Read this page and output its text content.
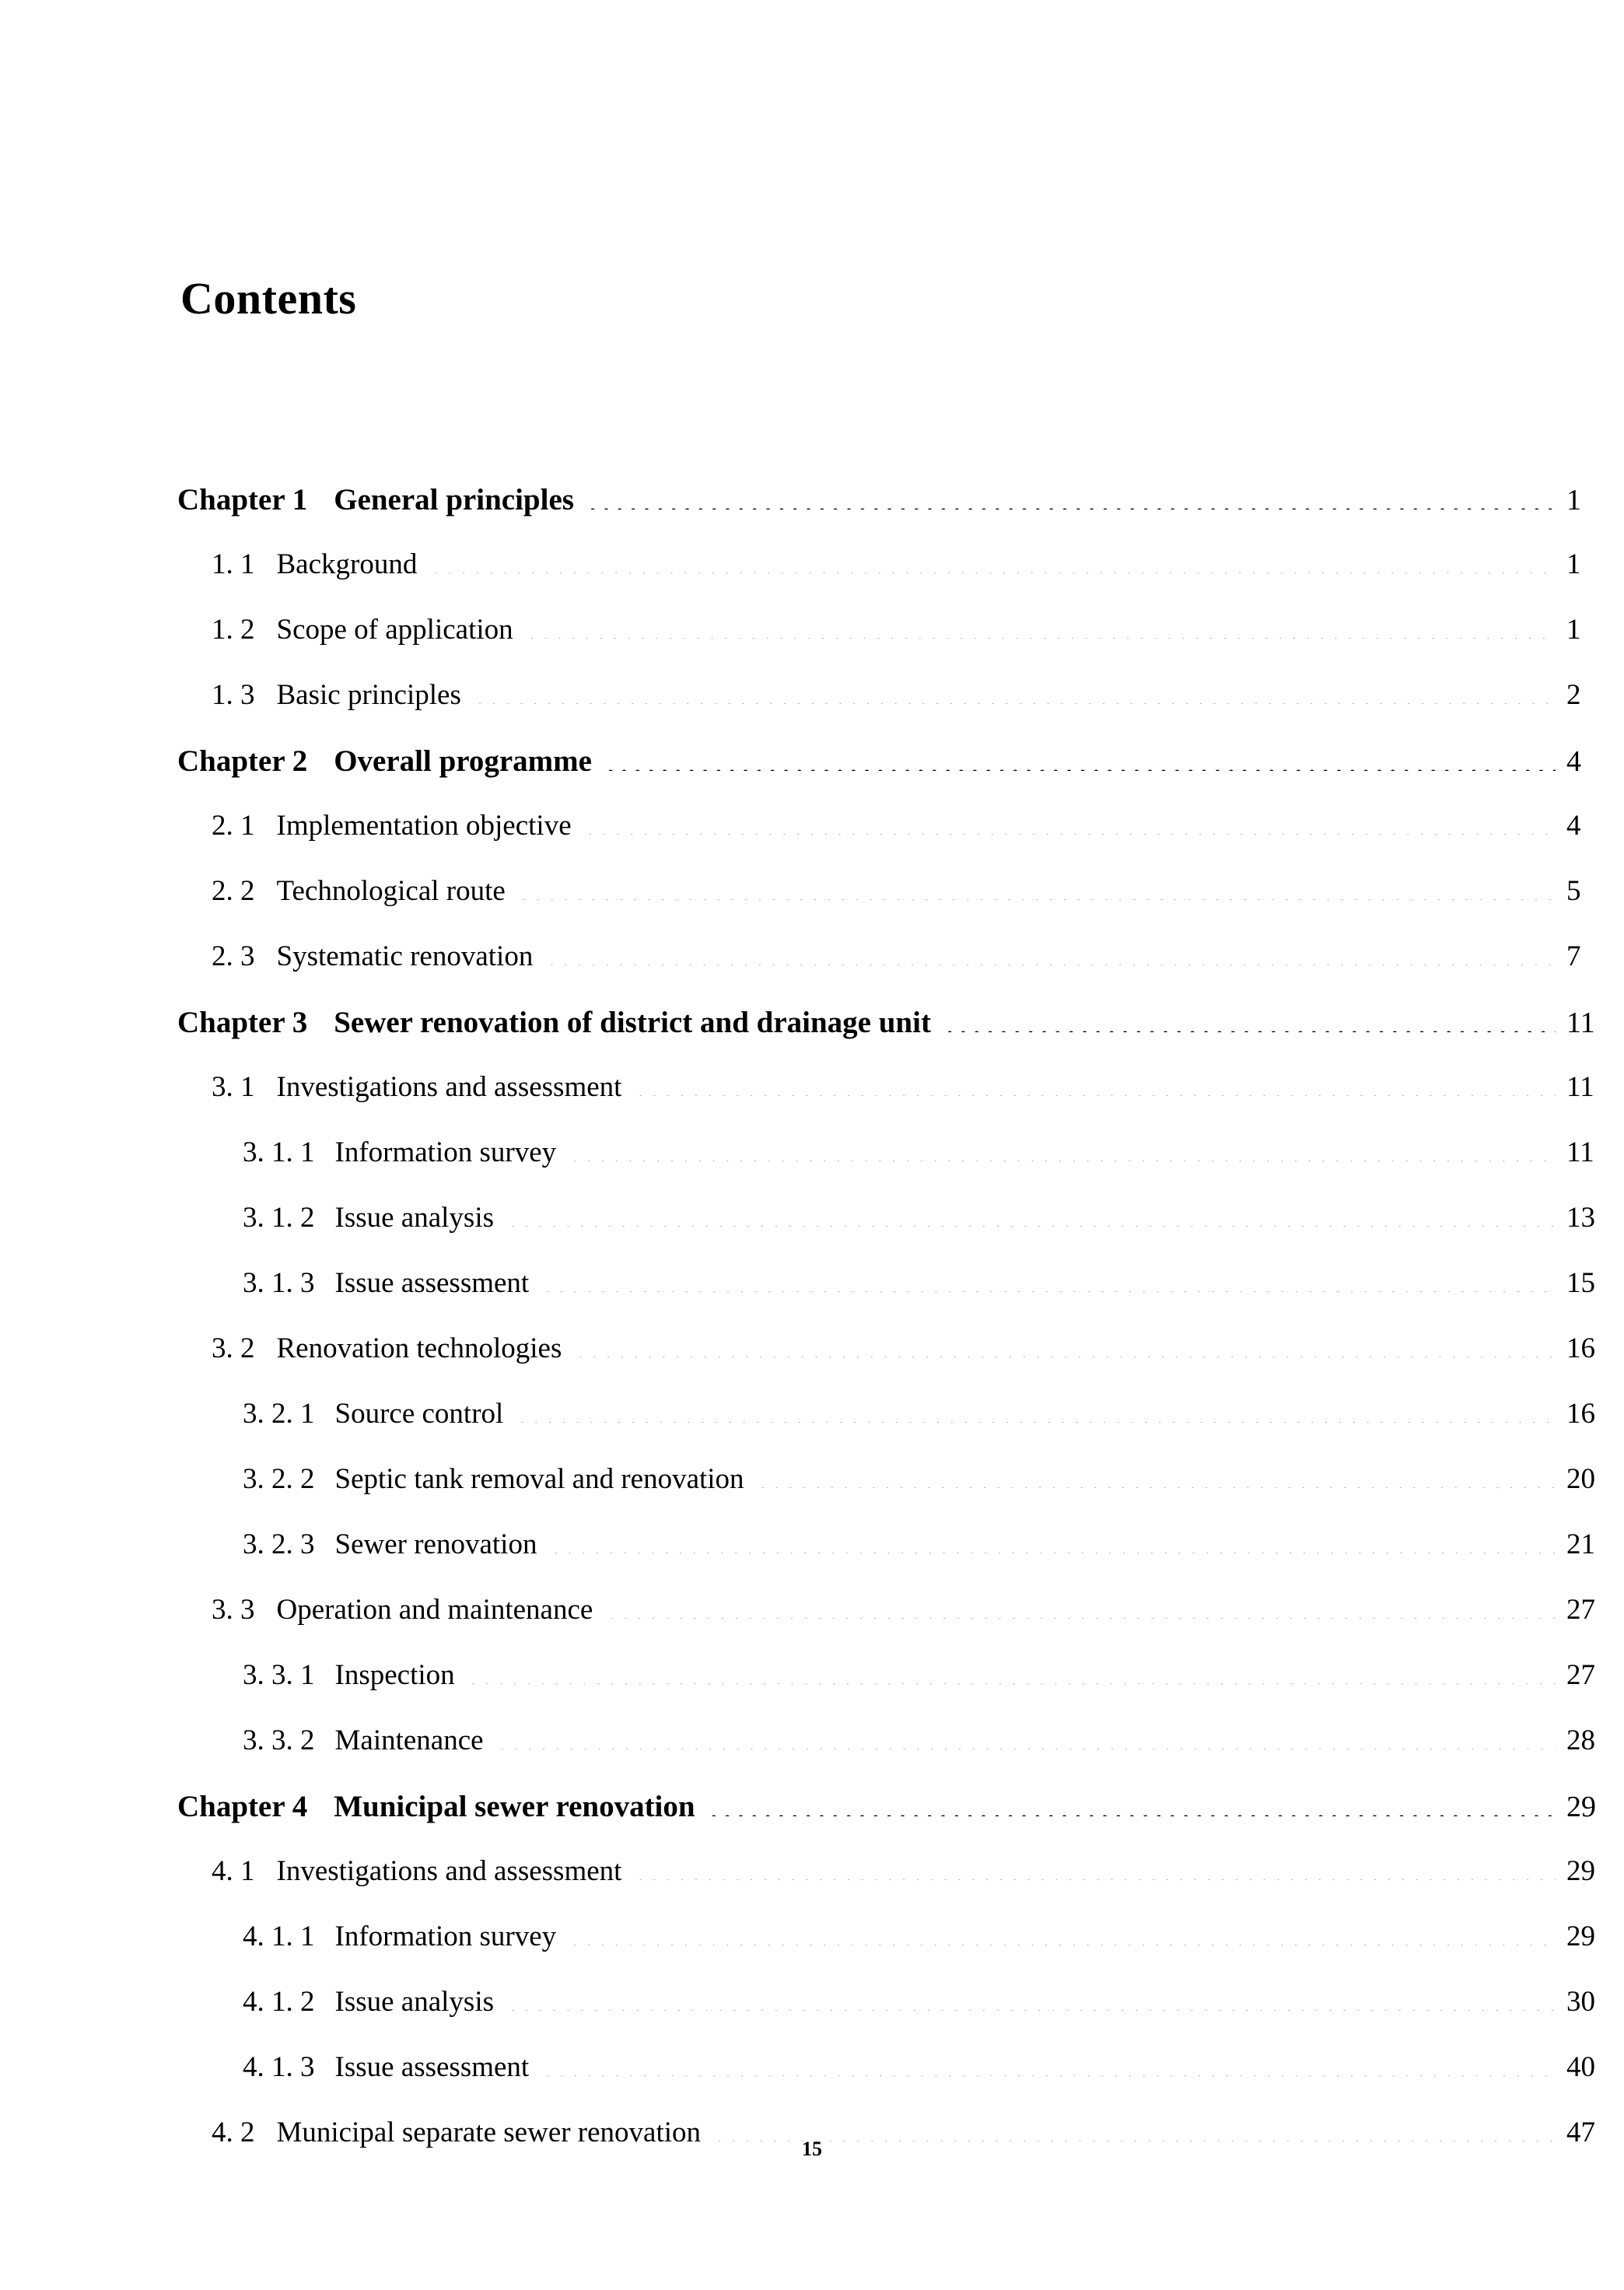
Contents
Chapter 1 General principles ·····	1
1. 1 Background ·····	1
1. 2 Scope of application ·····	1
1. 3 Basic principles ·····	2
Chapter 2 Overall programme ·····	4
2. 1 Implementation objective ·····	4
2. 2 Technological route ·····	5
2. 3 Systematic renovation ·····	7
Chapter 3 Sewer renovation of district and drainage unit ·····	11
3. 1 Investigations and assessment ·····	11
3. 1. 1 Information survey ·····	11
3. 1. 2 Issue analysis ·····	13
3. 1. 3 Issue assessment ·····	15
3. 2 Renovation technologies ·····	16
3. 2. 1 Source control ·····	16
3. 2. 2 Septic tank removal and renovation ·····	20
3. 2. 3 Sewer renovation ·····	21
3. 3 Operation and maintenance ·····	27
3. 3. 1 Inspection ·····	27
3. 3. 2 Maintenance ·····	28
Chapter 4 Municipal sewer renovation ·····	29
4. 1 Investigations and assessment ·····	29
4. 1. 1 Information survey ·····	29
4. 1. 2 Issue analysis ·····	30
4. 1. 3 Issue assessment ·····	40
4. 2 Municipal separate sewer renovation ·····	47
15
